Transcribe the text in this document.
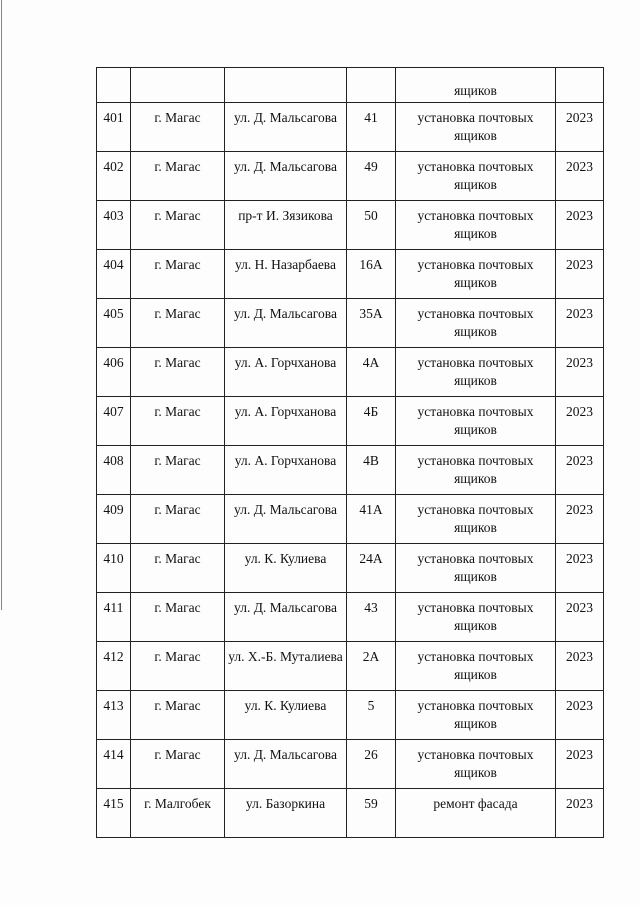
				ящиков	
401	г. Магас	ул. Д. Мальсагова	41	установка почтовых ящиков	2023
402	г. Магас	ул. Д. Мальсагова	49	установка почтовых ящиков	2023
403	г. Магас	пр-т И. Зязикова	50	установка почтовых ящиков	2023
404	г. Магас	ул. Н. Назарбаева	16А	установка почтовых ящиков	2023
405	г. Магас	ул. Д. Мальсагова	35А	установка почтовых ящиков	2023
406	г. Магас	ул. А. Горчханова	4А	установка почтовых ящиков	2023
407	г. Магас	ул. А. Горчханова	4Б	установка почтовых ящиков	2023
408	г. Магас	ул. А. Горчханова	4В	установка почтовых ящиков	2023
409	г. Магас	ул. Д. Мальсагова	41А	установка почтовых ящиков	2023
410	г. Магас	ул. К. Кулиева	24А	установка почтовых ящиков	2023
411	г. Магас	ул. Д. Мальсагова	43	установка почтовых ящиков	2023
412	г. Магас	ул. Х.-Б. Муталиева	2А	установка почтовых ящиков	2023
413	г. Магас	ул. К. Кулиева	5	установка почтовых ящиков	2023
414	г. Магас	ул. Д. Мальсагова	26	установка почтовых ящиков	2023
415	г. Малгобек	ул. Базоркина	59	ремонт фасада	2023
